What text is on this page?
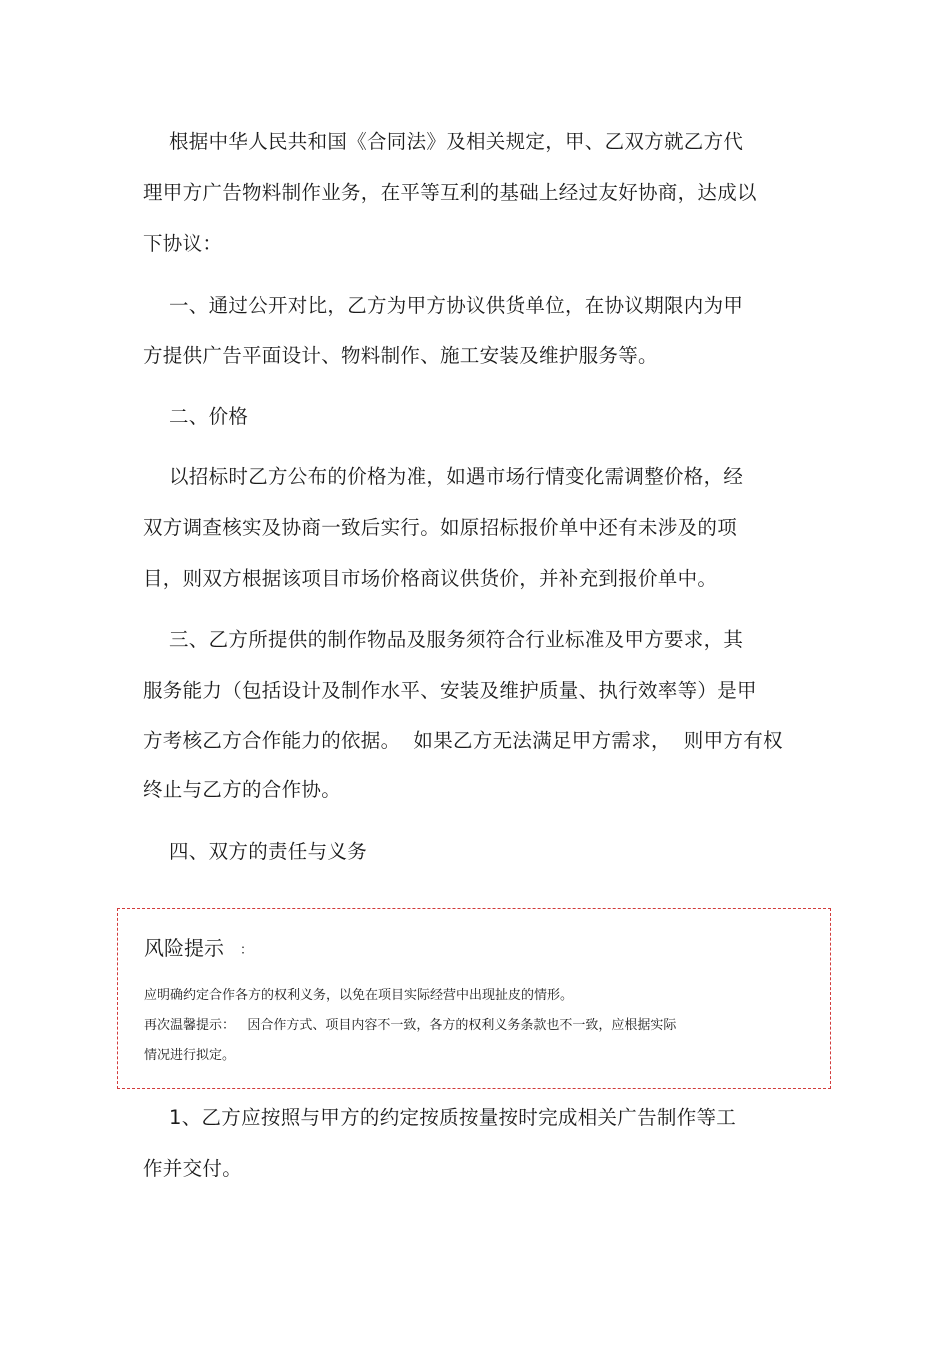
根据中华人民共和国《合同法》及相关规定，甲、乙双方就乙方代
理甲方广告物料制作业务，在平等互利的基础上经过友好协商，达成以
下协议：
一、通过公开对比，乙方为甲方协议供货单位，在协议期限内为甲
方提供广告平面设计、物料制作、施工安装及维护服务等。
二、价格
以招标时乙方公布的价格为准，如遇市场行情变化需调整价格，经
双方调查核实及协商一致后实行。如原招标报价单中还有未涉及的项
目，则双方根据该项目市场价格商议供货价，并补充到报价单中。
三、乙方所提供的制作物品及服务须符合行业标准及甲方要求，其
服务能力（包括设计及制作水平、安装及维护质量、执行效率等）是甲
方考核乙方合作能力的依据。  如果乙方无法满足甲方需求，  则甲方有权
终止与乙方的合作协。
四、双方的责任与义务
风险提示 ：
应明确约定合作各方的权利义务，以免在项目实际经营中出现扯皮的情形。
再次温馨提示：   因合作方式、项目内容不一致，各方的权利义务条款也不一致，应根据实际
情况进行拟定。
1、乙方应按照与甲方的约定按质按量按时完成相关广告制作等工
作并交付。
